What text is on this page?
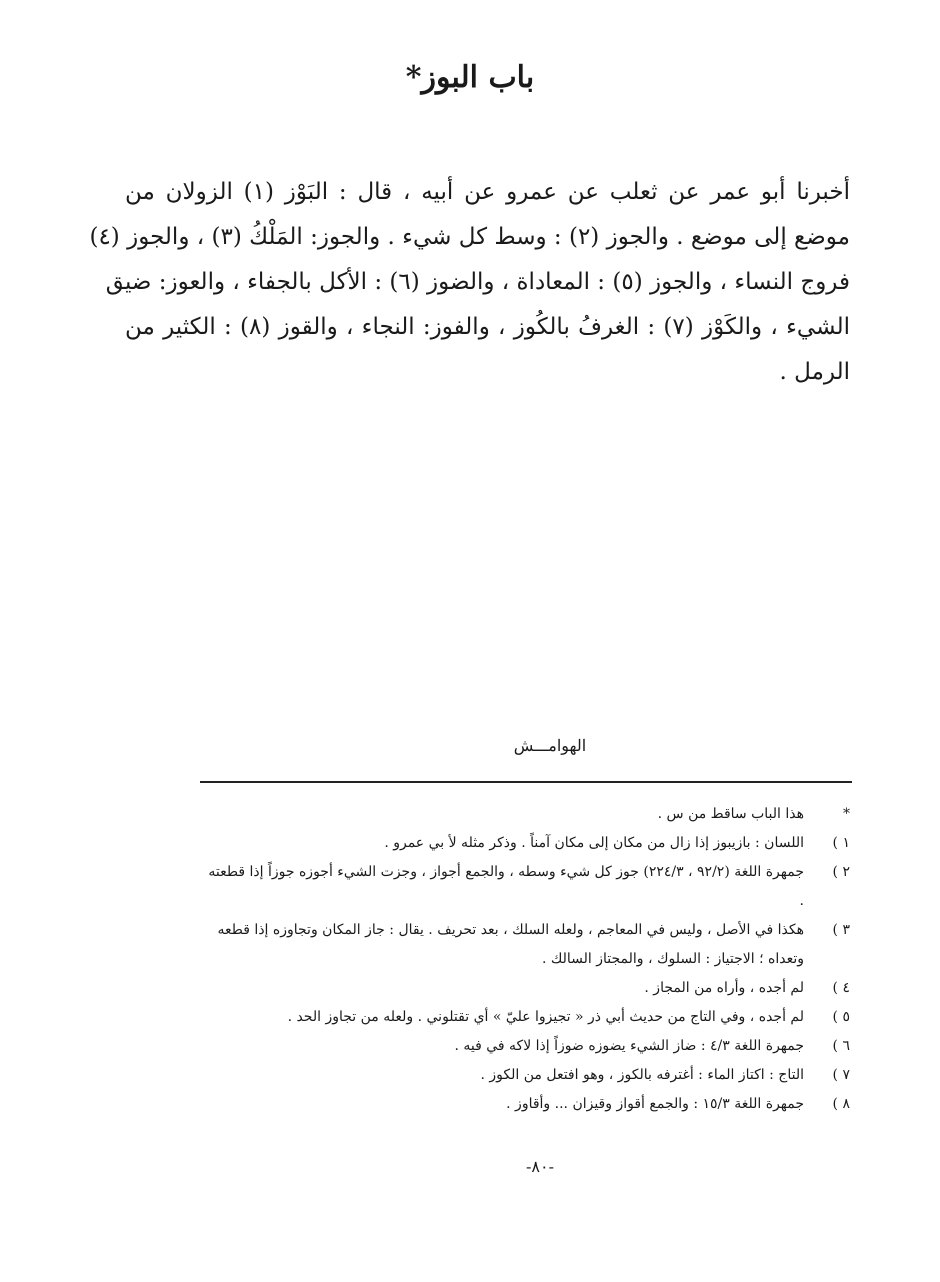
باب البوز*
أخبرنا أبو عمر عن ثعلب عن عمرو عن أبيه ، قال : البَوْز (١) الزولان من
موضع إلى موضع . والجوز (٢) : وسط كل شيء . والجوز: المَلْكُ (٣) ، والجوز (٤)
فروج النساء ، والجوز (٥) : المعاداة ، والضوز (٦) : الأكل بالجفاء ، والعوز: ضيق
الشيء ، والكَوْز (٧) : الغرفُ بالكُوز ، والفوز: النجاء ، والقوز (٨) : الكثير من
الرمل .
الهوامـــش
*
هذا الباب ساقط من س .
١ )
اللسان : بازيبوز إذا زال من مكان إلى مكان آمناً . وذكر مثله لأ بي عمرو .
٢ )
جمهرة اللغة (٩٢/٢ ، ٢٢٤/٣) جوز كل شيء وسطه ، والجمع أجواز ، وجزت الشيء أجوزه جوزاً إذا قطعته .
٣ )
هكذا في الأصل ، وليس في المعاجم ، ولعله السلك ، بعد تحريف . يقال : جاز المكان وتجاوزه إذا قطعه وتعداه ؛ الاجتياز : السلوك ، والمجتاز السالك .
٤ )
لم أجده ، وأراه من المجاز .
٥ )
لم أجده ، وفي التاج من حديث أبي ذر « تجيزوا عليّ » أي تقتلوني . ولعله من تجاوز الحد .
٦ )
جمهرة اللغة ٤/٣ : ضاز الشيء يضوزه ضوزاً إذا لاكه في فيه .
٧ )
التاج : اكتاز الماء : أغترفه بالكوز ، وهو افتعل من الكوز .
٨ )
جمهرة اللغة ١٥/٣ : والجمع أقواز وقيزان ... وأقاوز .
-٨٠-
